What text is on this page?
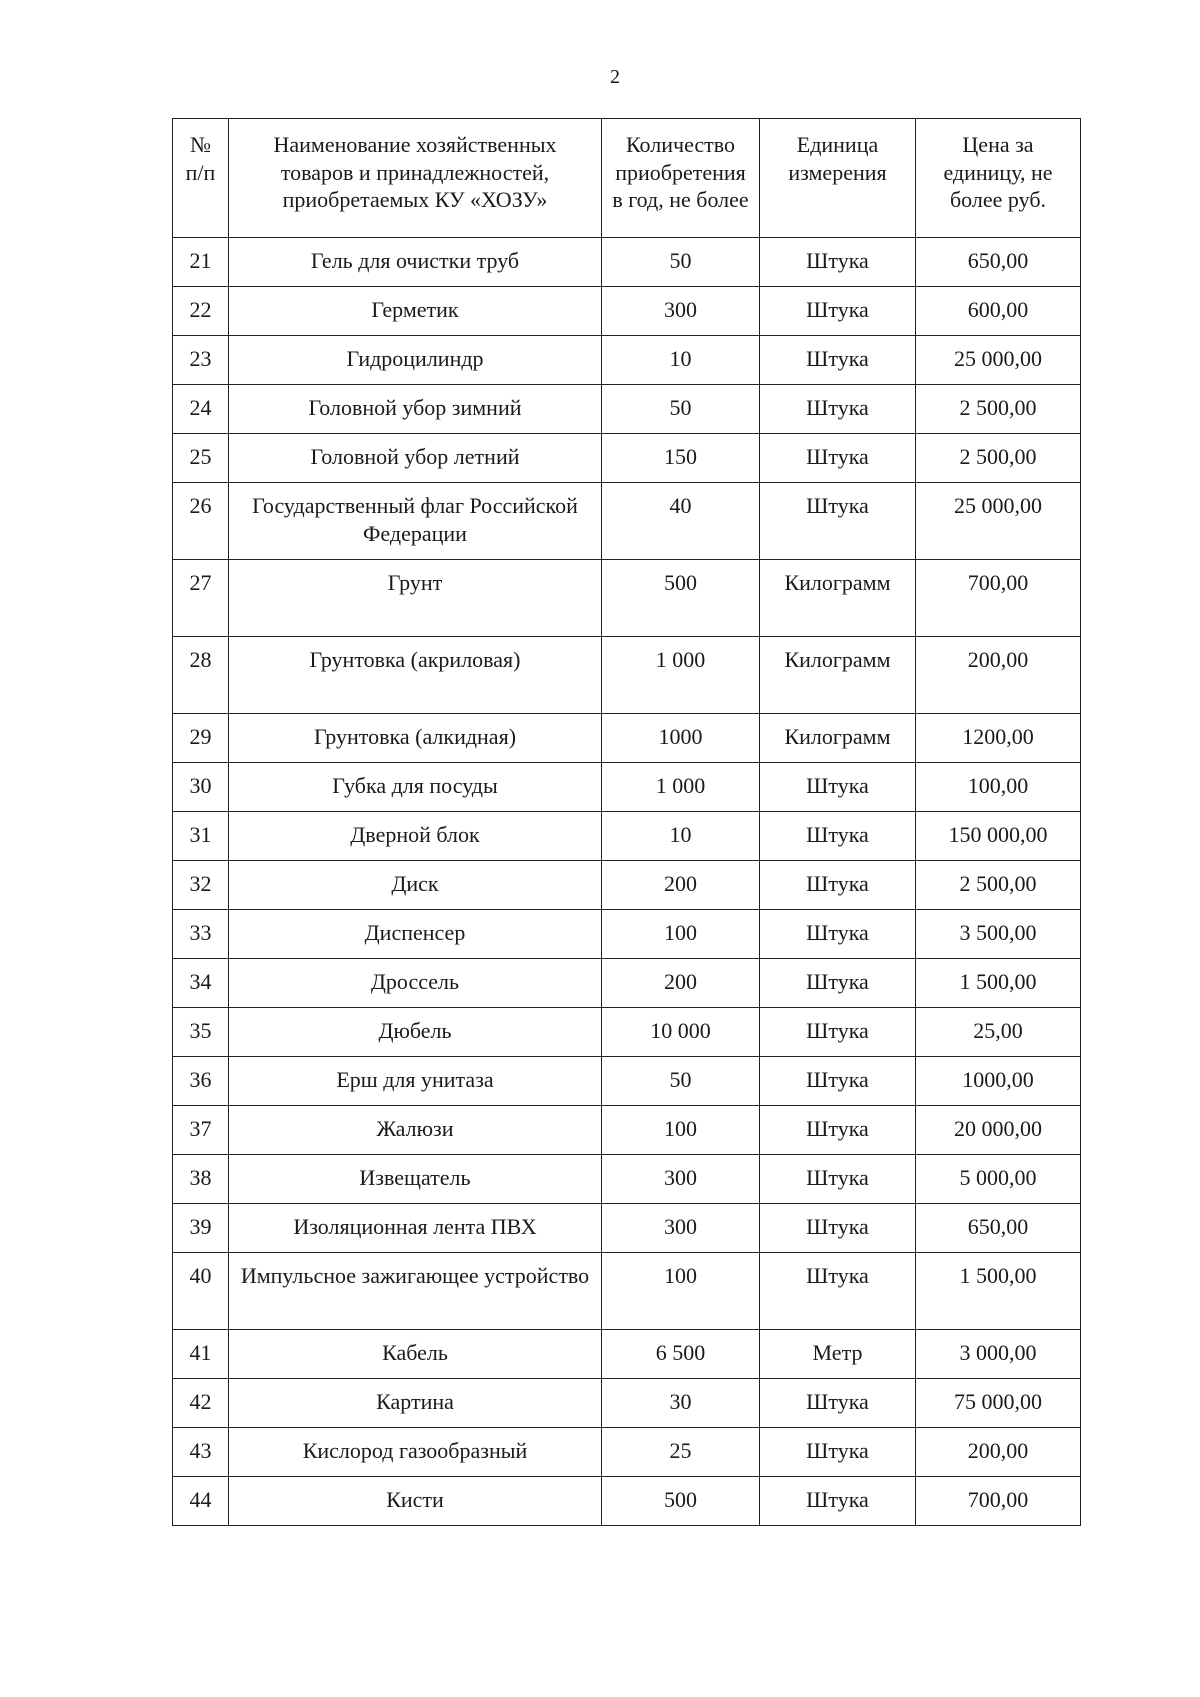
2
№ п/п	Наименование хозяйственных товаров и принадлежностей, приобретаемых КУ «ХОЗУ»	Количество приобретения в год, не более	Единица измерения	Цена за единицу, не более руб.
21	Гель для очистки труб	50	Штука	650,00
22	Герметик	300	Штука	600,00
23	Гидроцилиндр	10	Штука	25 000,00
24	Головной убор зимний	50	Штука	2 500,00
25	Головной убор летний	150	Штука	2 500,00
26	Государственный флаг Российской Федерации	40	Штука	25 000,00
27	Грунт	500	Килограмм	700,00
28	Грунтовка (акриловая)	1 000	Килограмм	200,00
29	Грунтовка (алкидная)	1000	Килограмм	1200,00
30	Губка для посуды	1 000	Штука	100,00
31	Дверной блок	10	Штука	150 000,00
32	Диск	200	Штука	2 500,00
33	Диспенсер	100	Штука	3 500,00
34	Дроссель	200	Штука	1 500,00
35	Дюбель	10 000	Штука	25,00
36	Ерш для унитаза	50	Штука	1000,00
37	Жалюзи	100	Штука	20 000,00
38	Извещатель	300	Штука	5 000,00
39	Изоляционная лента ПВХ	300	Штука	650,00
40	Импульсное зажигающее устройство	100	Штука	1 500,00
41	Кабель	6 500	Метр	3 000,00
42	Картина	30	Штука	75 000,00
43	Кислород газообразный	25	Штука	200,00
44	Кисти	500	Штука	700,00
